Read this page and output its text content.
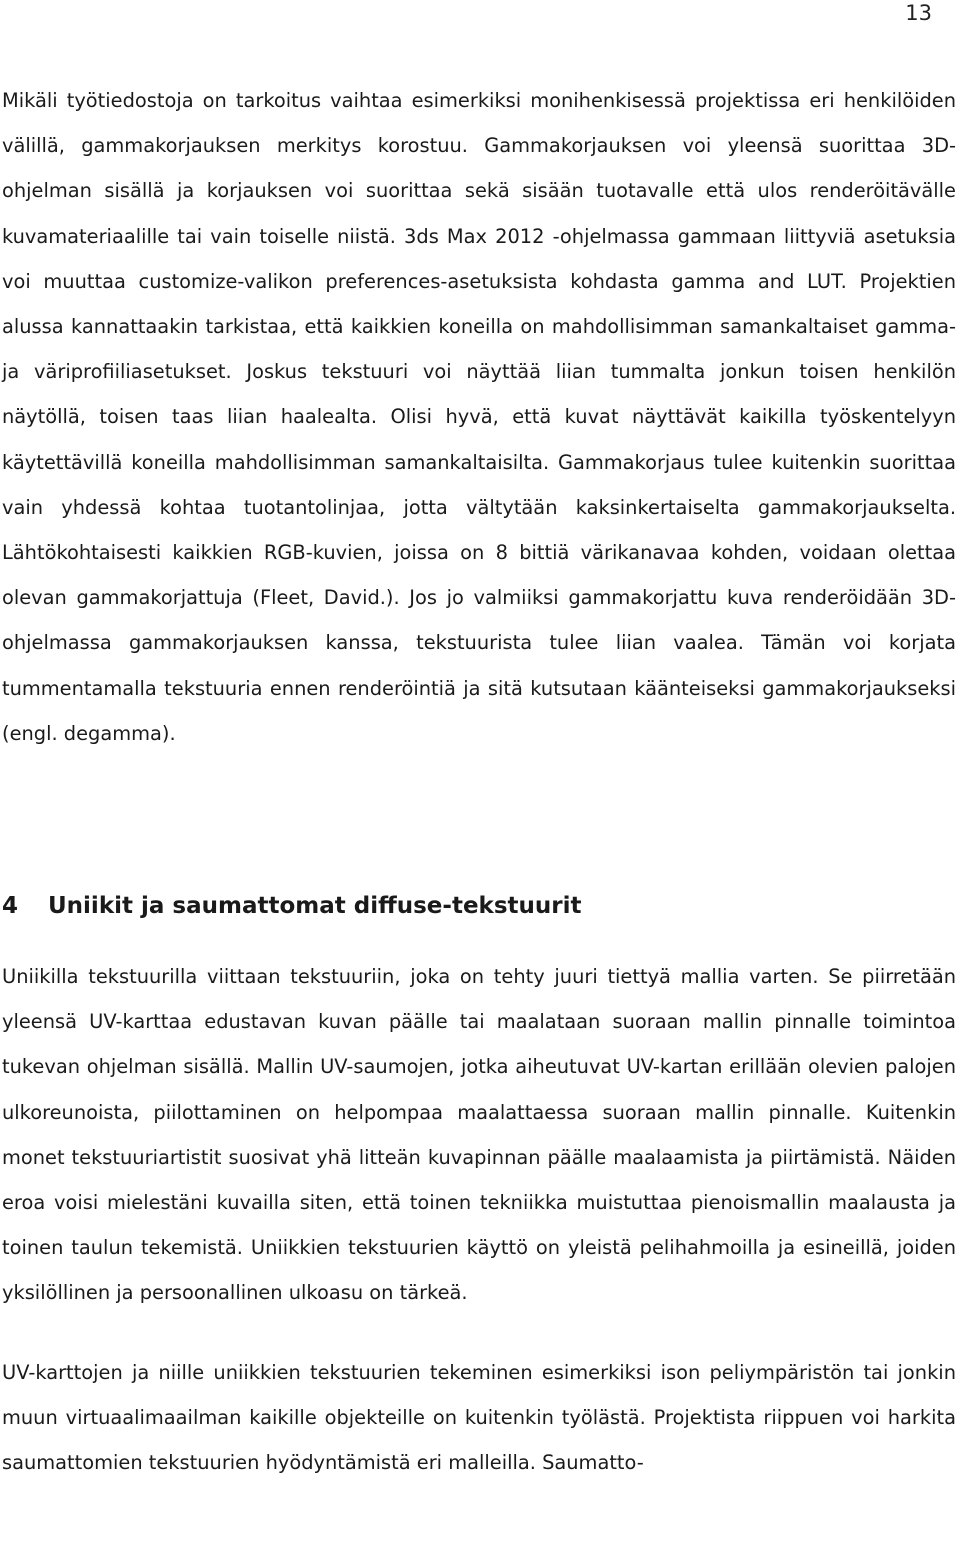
13

Mikäli työtiedostoja on tarkoitus vaihtaa esimerkiksi monihenkisessä projektissa eri henkilöiden välillä, gammakorjauksen merkitys korostuu. Gammakorjauksen voi yleensä suorittaa 3D-ohjelman sisällä ja korjauksen voi suorittaa sekä sisään tuotavalle että ulos renderöitävälle kuvamateriaalille tai vain toiselle niistä. 3ds Max 2012 -ohjelmassa gammaan liittyviä asetuksia voi muuttaa customize-valikon preferences-asetuksista kohdasta gamma and LUT. Projektien alussa kannattaakin tarkistaa, että kaikkien koneilla on mahdollisimman samankaltaiset gamma- ja väriprofiiliasetukset. Joskus tekstuuri voi näyttää liian tummalta jonkun toisen henkilön näytöllä, toisen taas liian haalealta. Olisi hyvä, että kuvat näyttävät kaikilla työskentelyyn käytettävillä koneilla mahdollisimman samankaltaisilta. Gammakorjaus tulee kuitenkin suorittaa vain yhdessä kohtaa tuotantolinjaa, jotta vältytään kaksinkertaiselta gammakorjaukselta. Lähtökohtaisesti kaikkien RGB-kuvien, joissa on 8 bittiä värikanavaa kohden, voidaan olettaa olevan gammakorjattuja (Fleet, David.). Jos jo valmiiksi gammakorjattu kuva renderöidään 3D-ohjelmassa gammakorjauksen kanssa, tekstuurista tulee liian vaalea. Tämän voi korjata tummentamalla tekstuuria ennen renderöintiä ja sitä kutsutaan käänteiseksi gammakorjaukseksi (engl. degamma).

4	Uniikit ja saumattomat diffuse-tekstuurit

Uniikilla tekstuurilla viittaan tekstuuriin, joka on tehty juuri tiettyä mallia varten. Se piirretään yleensä UV-karttaa edustavan kuvan päälle tai maalataan suoraan mallin pinnalle toimintoa tukevan ohjelman sisällä. Mallin UV-saumojen, jotka aiheutuvat UV-kartan erillään olevien palojen ulkoreunoista, piilottaminen on helpompaa maalattaessa suoraan mallin pinnalle. Kuitenkin monet tekstuuriartistit suosivat yhä litteän kuvapinnan päälle maalaamista ja piirtämistä. Näiden eroa voisi mielestäni kuvailla siten, että toinen tekniikka muistuttaa pienoismallin maalausta ja toinen taulun tekemistä. Uniikkien tekstuurien käyttö on yleistä pelihahmoilla ja esineillä, joiden yksilöllinen ja persoonallinen ulkoasu on tärkeä.

UV-karttojen ja niille uniikkien tekstuurien tekeminen esimerkiksi ison peliympäristön tai jonkin muun virtuaalimaailman kaikille objekteille on kuitenkin työlästä. Projektista riippuen voi harkita saumattomien tekstuurien hyödyntämistä eri malleilla. Saumatto-
